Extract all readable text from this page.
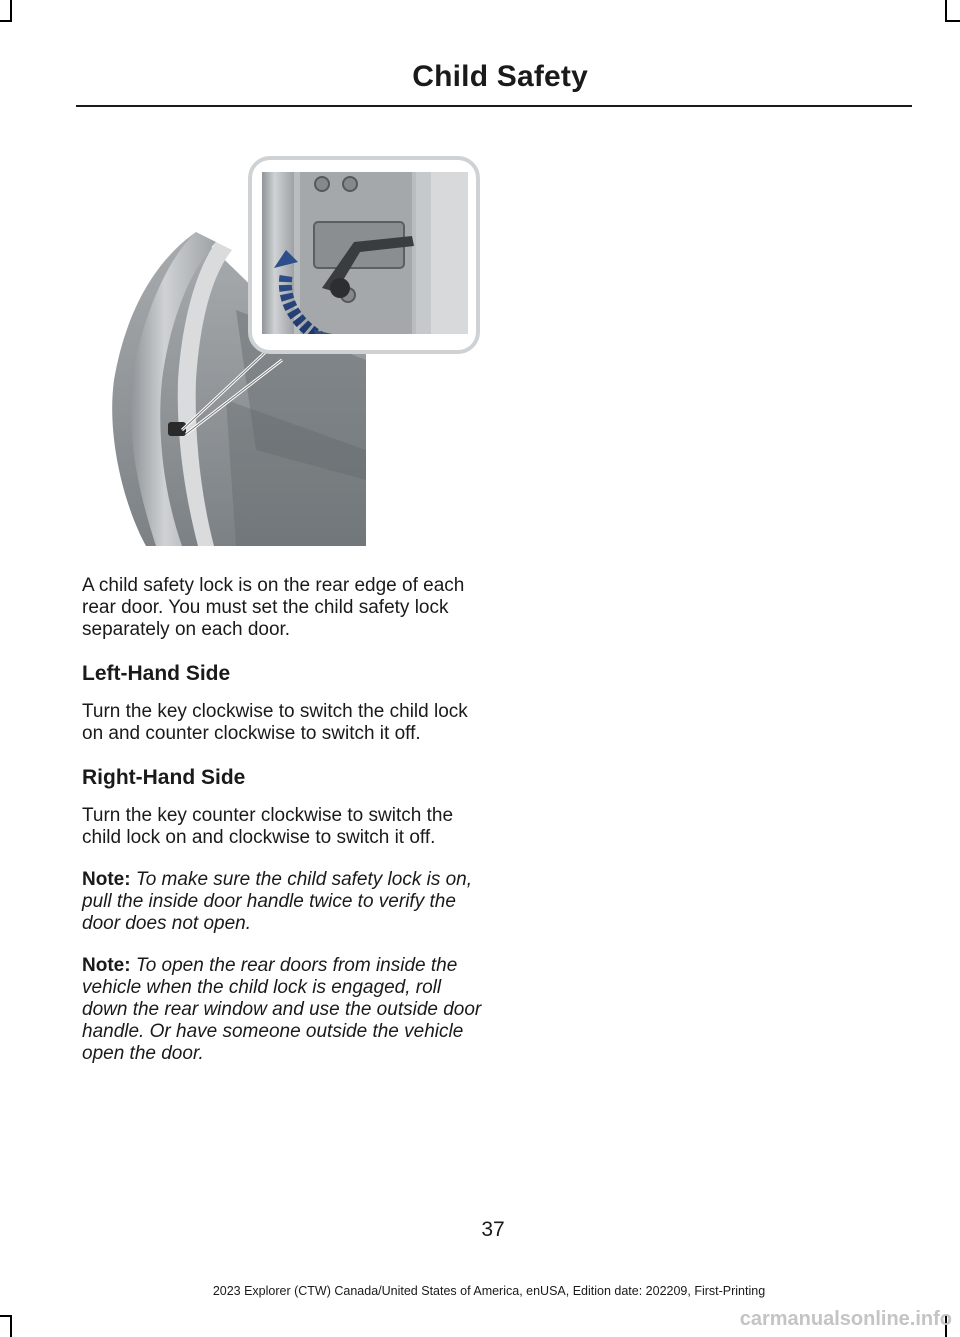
Child Safety

A child safety lock is on the rear edge of each rear door. You must set the child safety lock separately on each door.

Left-Hand Side

Turn the key clockwise to switch the child lock on and counter clockwise to switch it off.

Right-Hand Side

Turn the key counter clockwise to switch the child lock on and clockwise to switch it off.

Note: To make sure the child safety lock is on, pull the inside door handle twice to verify the door does not open.

Note: To open the rear doors from inside the vehicle when the child lock is engaged, roll down the rear window and use the outside door handle. Or have someone outside the vehicle open the door.

37
2023 Explorer (CTW) Canada/United States of America, enUSA, Edition date: 202209, First-Printing
carmanualsonline.info
